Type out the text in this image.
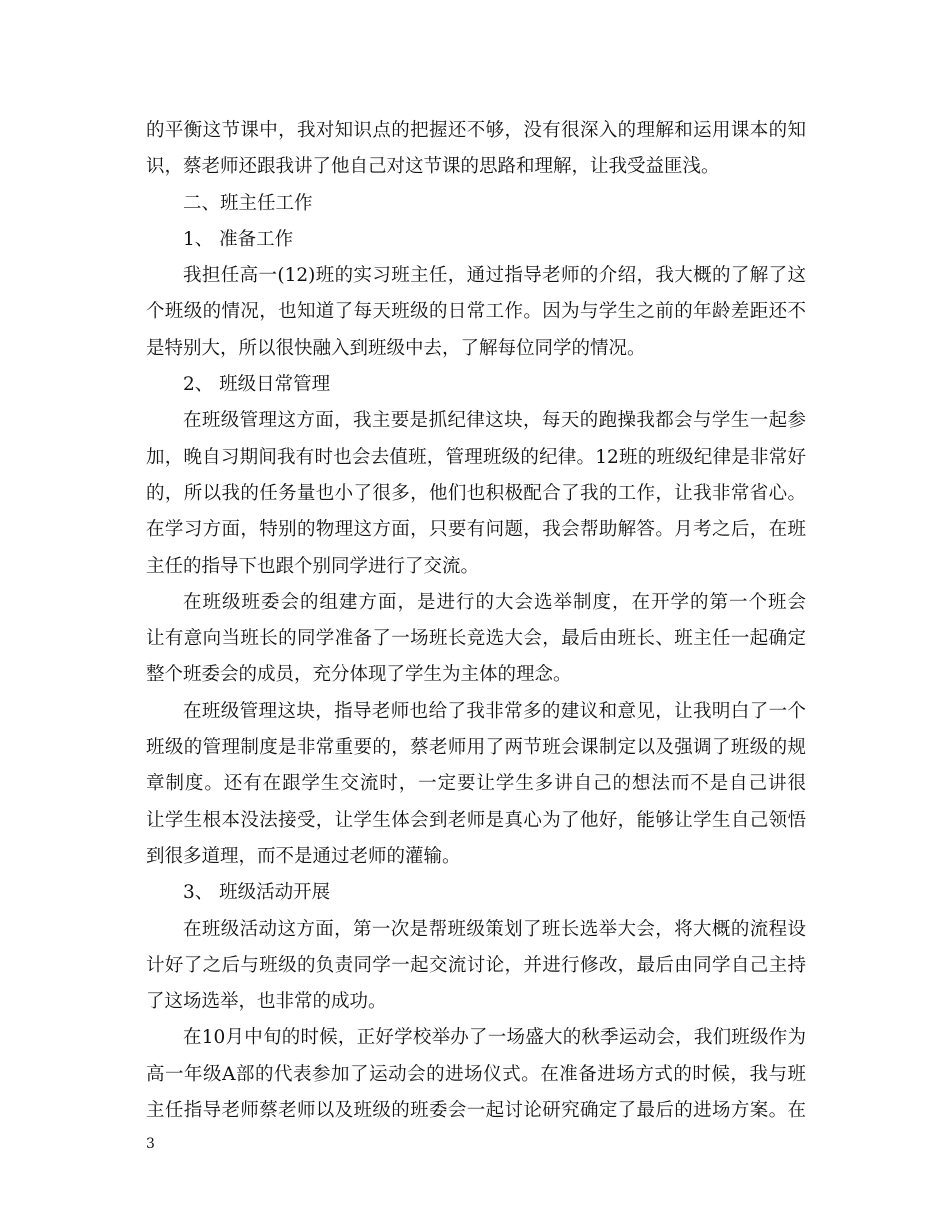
的平衡这节课中，我对知识点的把握还不够，没有很深入的理解和运用课本的知
识，蔡老师还跟我讲了他自己对这节课的思路和理解，让我受益匪浅。
二、班主任工作
1、 准备工作
我担任高一(12)班的实习班主任，通过指导老师的介绍，我大概的了解了这
个班级的情况，也知道了每天班级的日常工作。因为与学生之前的年龄差距还不
是特别大，所以很快融入到班级中去，了解每位同学的情况。
2、 班级日常管理
在班级管理这方面，我主要是抓纪律这块，每天的跑操我都会与学生一起参
加，晚自习期间我有时也会去值班，管理班级的纪律。12班的班级纪律是非常好
的，所以我的任务量也小了很多，他们也积极配合了我的工作，让我非常省心。
在学习方面，特别的物理这方面，只要有问题，我会帮助解答。月考之后，在班
主任的指导下也跟个别同学进行了交流。
在班级班委会的组建方面，是进行的大会选举制度，在开学的第一个班会
让有意向当班长的同学准备了一场班长竞选大会，最后由班长、班主任一起确定
整个班委会的成员，充分体现了学生为主体的理念。
在班级管理这块，指导老师也给了我非常多的建议和意见，让我明白了一个
班级的管理制度是非常重要的，蔡老师用了两节班会课制定以及强调了班级的规
章制度。还有在跟学生交流时，一定要让学生多讲自己的想法而不是自己讲很
让学生根本没法接受，让学生体会到老师是真心为了他好，能够让学生自己领悟
到很多道理，而不是通过老师的灌输。
3、 班级活动开展
在班级活动这方面，第一次是帮班级策划了班长选举大会，将大概的流程设
计好了之后与班级的负责同学一起交流讨论，并进行修改，最后由同学自己主持
了这场选举，也非常的成功。
在10月中旬的时候，正好学校举办了一场盛大的秋季运动会，我们班级作为
高一年级A部的代表参加了运动会的进场仪式。在准备进场方式的时候，我与班
主任指导老师蔡老师以及班级的班委会一起讨论研究确定了最后的进场方案。在
3
